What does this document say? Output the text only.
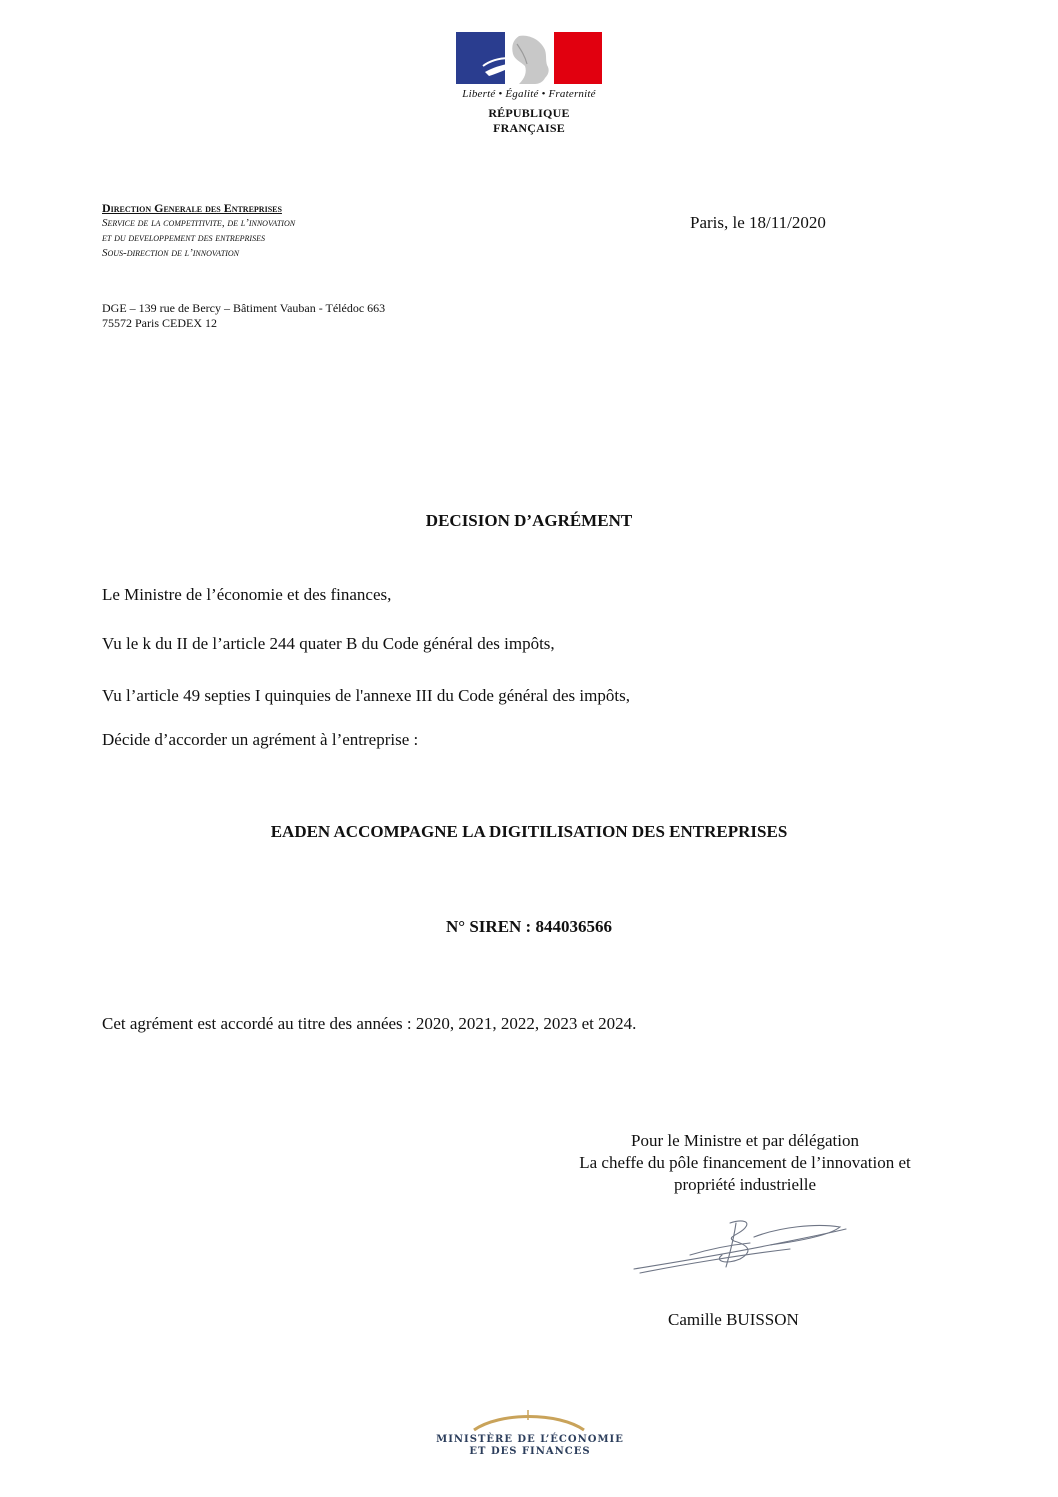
Liberté • Égalité • Fraternité
RÉPUBLIQUE FRANÇAISE
Direction Generale des Entreprises
Service de la competitivite, de l’innovation
et du developpement des entreprises
Sous-direction de l’innovation
DGE – 139 rue de Bercy – Bâtiment Vauban - Télédoc 663
75572 Paris CEDEX 12
Paris, le 18/11/2020
DECISION D’AGRÉMENT
Le Ministre de l’économie et des finances,
Vu le k du II de l’article 244 quater B du Code général des impôts,
Vu l’article 49 septies I quinquies de l'annexe III du Code général des impôts,
Décide d’accorder un agrément à l’entreprise :
EADEN ACCOMPAGNE LA DIGITILISATION DES ENTREPRISES
N° SIREN : 844036566
Cet agrément est accordé au titre des années : 2020, 2021, 2022, 2023 et 2024.
Pour le Ministre et par délégation
La cheffe du pôle financement de l’innovation et
propriété industrielle
Camille BUISSON
MINISTÈRE DE L’ÉCONOMIE
ET DES FINANCES
